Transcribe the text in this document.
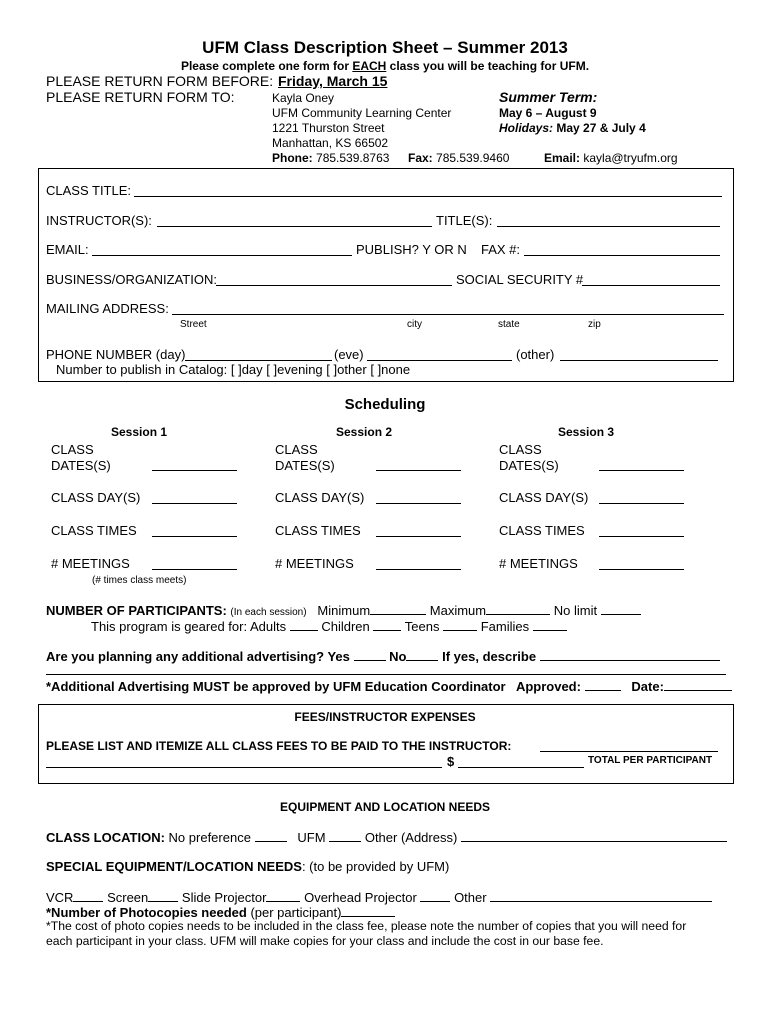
UFM Class Description Sheet – Summer 2013
Please complete one form for EACH class you will be teaching for UFM.
PLEASE RETURN FORM BEFORE: Friday, March 15
PLEASE RETURN FORM TO:	Kayla Oney
UFM Community Learning Center
1221 Thurston Street
Manhattan, KS 66502
Phone: 785.539.8763 Fax: 785.539.9460	Email: kayla@tryufm.org
Summer Term:
May 6 – August 9
Holidays: May 27 & July 4
CLASS TITLE:
INSTRUCTOR(S):	TITLE(S):
EMAIL:	PUBLISH? Y OR N FAX #:
BUSINESS/ORGANIZATION:	SOCIAL SECURITY #
MAILING ADDRESS:
Street	city	state	zip
PHONE NUMBER (day)	(eve)	(other)
Number to publish in Catalog: [ ]day [ ]evening [ ]other [ ]none
Scheduling
Session 1
CLASS
DATES(S)
CLASS DAY(S)
CLASS TIMES
# MEETINGS
(# times class meets)
Session 2
CLASS
DATES(S)
CLASS DAY(S)
CLASS TIMES
# MEETINGS
Session 3
CLASS
DATES(S)
CLASS DAY(S)
CLASS TIMES
# MEETINGS
NUMBER OF PARTICIPANTS: (In each session) Minimum	Maximum	No limit
This program is geared for: Adults	Children	Teens	Families
Are you planning any additional advertising? Yes	No	If yes, describe
*Additional Advertising MUST be approved by UFM Education Coordinator Approved:	Date:
FEES/INSTRUCTOR EXPENSES
PLEASE LIST AND ITEMIZE ALL CLASS FEES TO BE PAID TO THE INSTRUCTOR:
$	TOTAL PER PARTICIPANT
EQUIPMENT AND LOCATION NEEDS
CLASS LOCATION: No preference	UFM	Other (Address)
SPECIAL EQUIPMENT/LOCATION NEEDS: (to be provided by UFM)
VCR	Screen	Slide Projector	Overhead Projector	Other
*Number of Photocopies needed (per participant)
*The cost of photo copies needs to be included in the class fee, please note the number of copies that you will need for
each participant in your class. UFM will make copies for your class and include the cost in our base fee.
